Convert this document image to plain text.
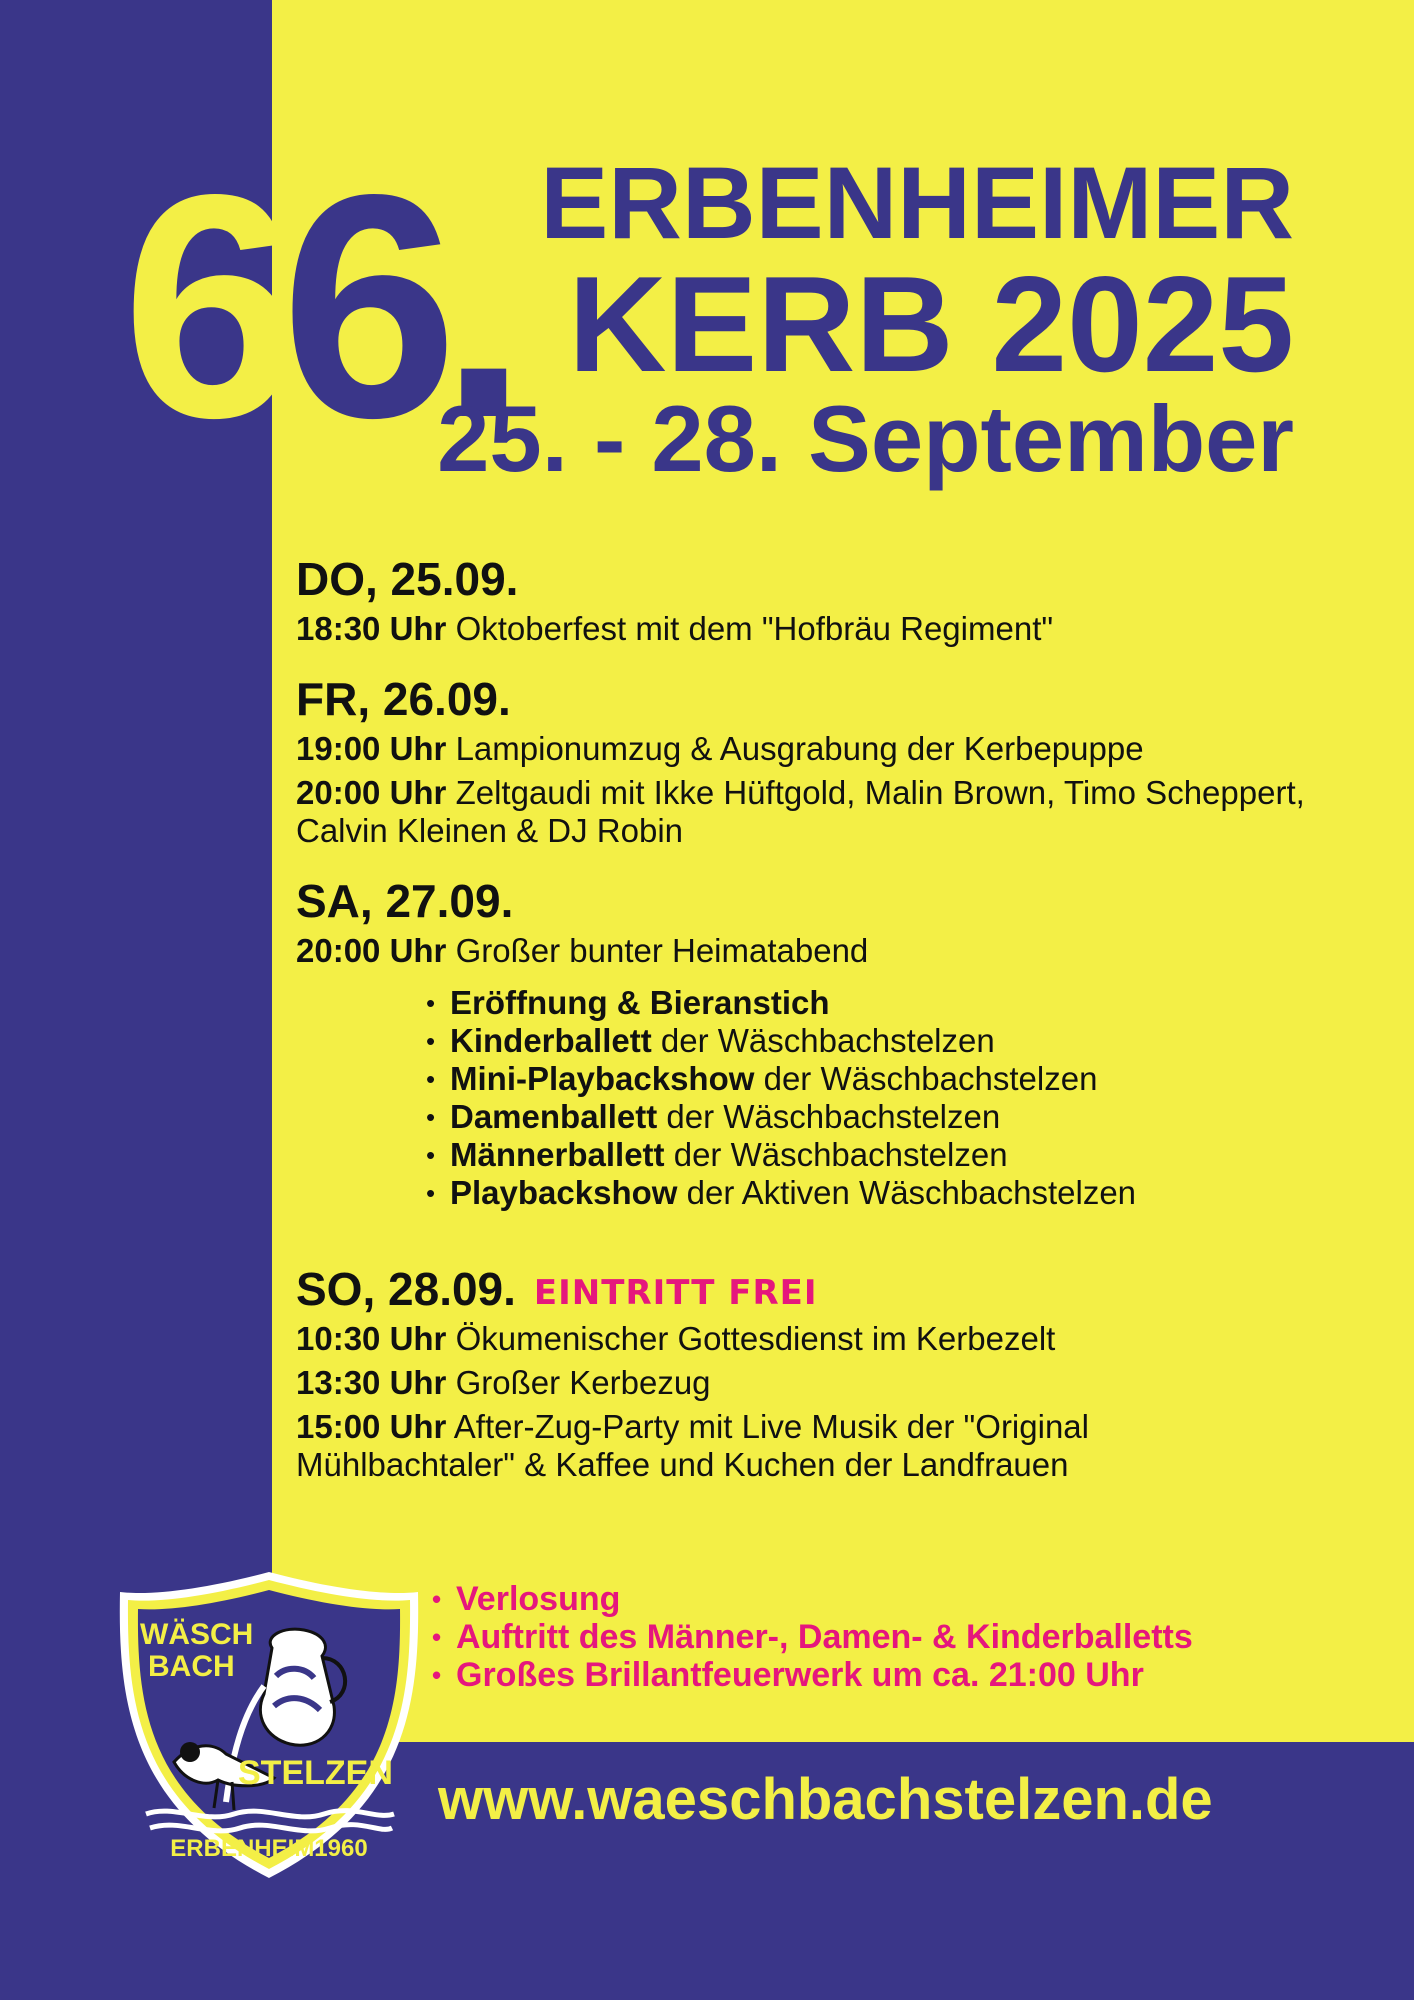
66. ERBENHEIMER
KERB 2025
25. - 28. September
DO, 25.09.
18:30 Uhr Oktoberfest mit dem "Hofbräu Regiment"
FR, 26.09.
19:00 Uhr Lampionumzug & Ausgrabung der Kerbepuppe
20:00 Uhr Zeltgaudi mit Ikke Hüftgold, Malin Brown, Timo Scheppert, Calvin Kleinen & DJ Robin
SA, 27.09.
20:00 Uhr Großer bunter Heimatabend
• Eröffnung & Bieranstich
• Kinderballett der Wäschbachstelzen
• Mini-Playbackshow der Wäschbachstelzen
• Damenballett der Wäschbachstelzen
• Männerballett der Wäschbachstelzen
• Playbackshow der Aktiven Wäschbachstelzen
SO, 28.09. EINTRITT FREI
10:30 Uhr Ökumenischer Gottesdienst im Kerbezelt
13:30 Uhr Großer Kerbezug
15:00 Uhr After-Zug-Party mit Live Musik der "Original Mühlbachtaler" & Kaffee und Kuchen der Landfrauen
• Verlosung
• Auftritt des Männer-, Damen- & Kinderballetts
• Großes Brillantfeuerwerk um ca. 21:00 Uhr
WÄSCH
BACH
STELZEN
ERBENHEIM1960
www.waeschbachstelzen.de
